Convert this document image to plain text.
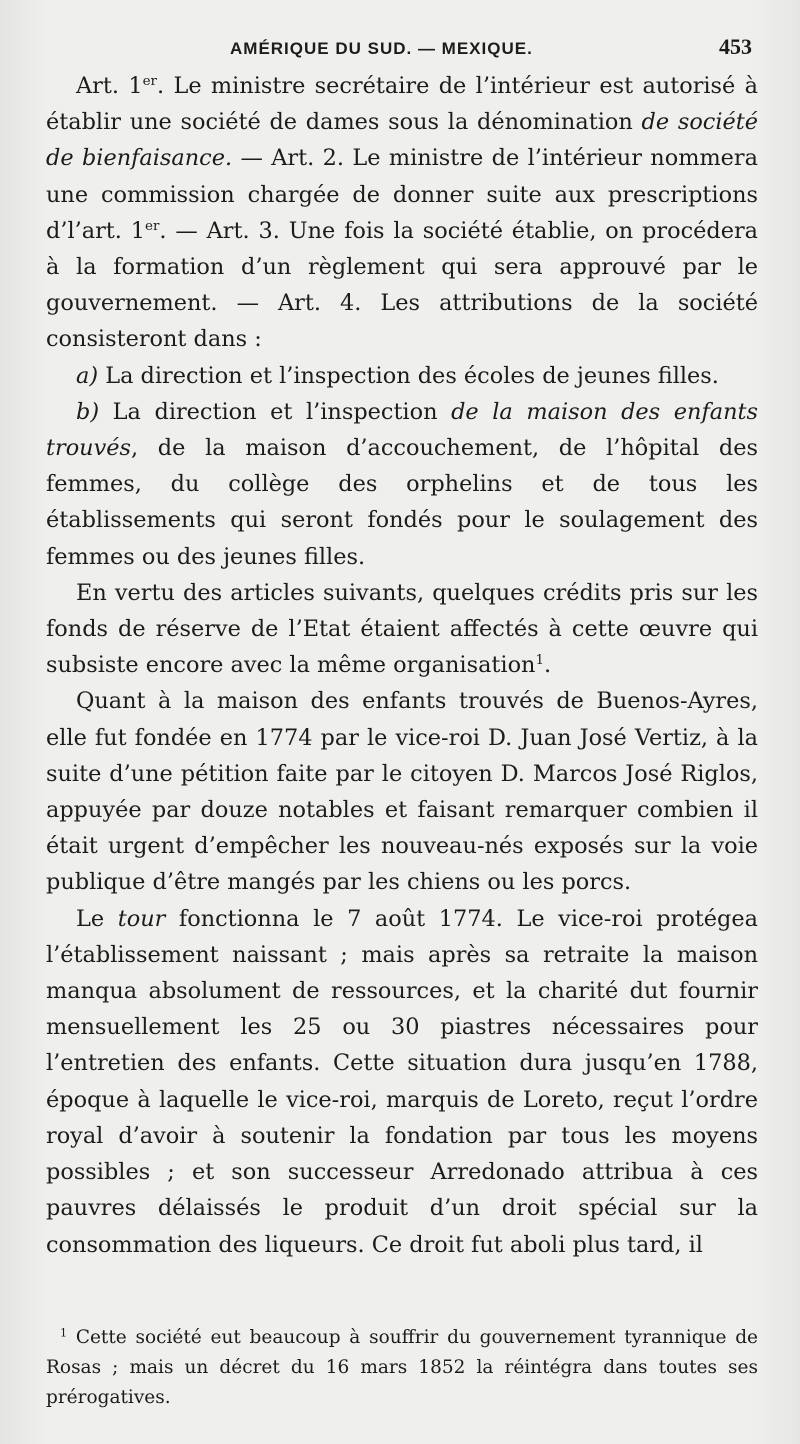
AMÉRIQUE DU SUD. — MEXIQUE.	453

Art. 1er. Le ministre secrétaire de l’intérieur est autorisé à établir une société de dames sous la dénomination de société de bienfaisance. — Art. 2. Le ministre de l’intérieur nommera une commission chargée de donner suite aux prescriptions d’l’art. 1er. — Art. 3. Une fois la société établie, on procédera à la formation d’un règlement qui sera approuvé par le gouvernement. — Art. 4. Les attributions de la société consisteront dans :

a) La direction et l’inspection des écoles de jeunes filles.

b) La direction et l’inspection de la maison des enfants trouvés, de la maison d’accouchement, de l’hôpital des femmes, du collège des orphelins et de tous les établissements qui seront fondés pour le soulagement des femmes ou des jeunes filles.

En vertu des articles suivants, quelques crédits pris sur les fonds de réserve de l’Etat étaient affectés à cette œuvre qui subsiste encore avec la même organisation$^1$.

Quant à la maison des enfants trouvés de Buenos-Ayres, elle fut fondée en 1774 par le vice-roi D. Juan José Vertiz, à la suite d’une pétition faite par le citoyen D. Marcos José Riglos, appuyée par douze notables et faisant remarquer combien il était urgent d’empêcher les nouveau-nés exposés sur la voie publique d’être mangés par les chiens ou les porcs.

Le tour fonctionna le 7 août 1774. Le vice-roi protégea l’établissement naissant ; mais après sa retraite la maison manqua absolument de ressources, et la charité dut fournir mensuellement les 25 ou 30 piastres nécessaires pour l’entretien des enfants. Cette situation dura jusqu’en 1788, époque à laquelle le vice-roi, marquis de Loreto, reçut l’ordre royal d’avoir à soutenir la fondation par tous les moyens possibles ; et son successeur Arredonado attribua à ces pauvres délaissés le produit d’un droit spécial sur la consommation des liqueurs. Ce droit fut aboli plus tard, il

$^1$ Cette société eut beaucoup à souffrir du gouvernement tyrannique de Rosas ; mais un décret du 16 mars 1852 la réintégra dans toutes ses prérogatives.
